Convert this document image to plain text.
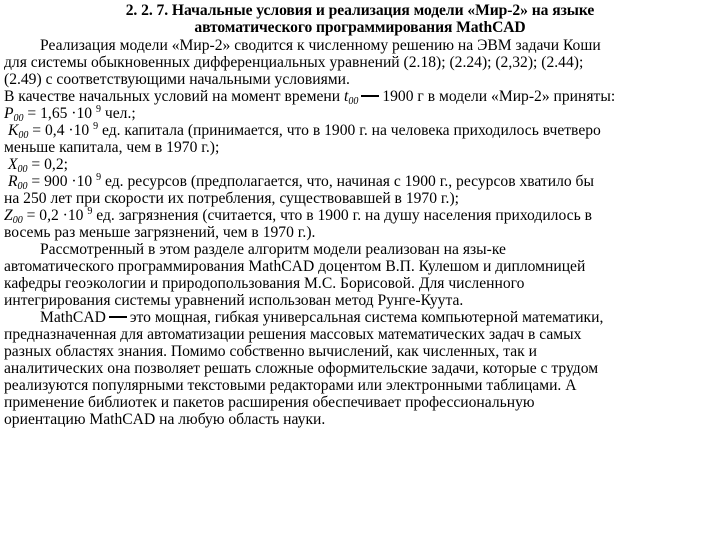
2. 2. 7. Начальные условия и реализация модели «Мир-2» на языке
автоматического программирования MathCAD
Реализация модели «Мир-2» сводится к численному решению на ЭВМ задачи Коши
для системы обыкновенных дифференциальных уравнений (2.18); (2.24); (2,32); (2.44);
(2.49) с соответствующими начальными условиями.
В качестве начальных условий на момент времени $t_{00}$ 1900 г в модели «Мир-2» приняты:
$P_{00} = 1,65 \cdot 10$ $^9$ чел.;
$K_{00} = 0,4 \cdot 10$ $^9$ ед. капитала (принимается, что в 1900 г. на человека приходилось вчетверо
меньше капитала, чем в 1970 г.);
$X_{00} = 0,2$;
$R_{00} = 900 \cdot 10$ $^9$ ед. ресурсов (предполагается, что, начиная с 1900 г., ресурсов хватило бы
на 250 лет при скорости их потребления, существовавшей в 1970 г.);
$Z_{00} = 0,2 \cdot 10$ $^9$ ед. загрязнения (считается, что в 1900 г. на душу населения приходилось в
восемь раз меньше загрязнений, чем в 1970 г.).
Рассмотренный в этом разделе алгоритм модели реализован на язы-ке
автоматического программирования MathCAD доцентом В.П. Кулешом и дипломницей
кафедры геоэкологии и природопользования М.С. Борисовой. Для численного
интегрирования системы уравнений использован метод Рунге-Куута.
MathCAD это мощная, гибкая универсальная система компьютерной математики,
предназначенная для автоматизации решения массовых математических задач в самых
разных областях знания. Помимо собственно вычислений, как численных, так и
аналитических она позволяет решать сложные оформительские задачи, которые с трудом
реализуются популярными текстовыми редакторами или электронными таблицами. А
применение библиотек и пакетов расширения обеспечивает профессиональную
ориентацию MathCAD на любую область науки.
